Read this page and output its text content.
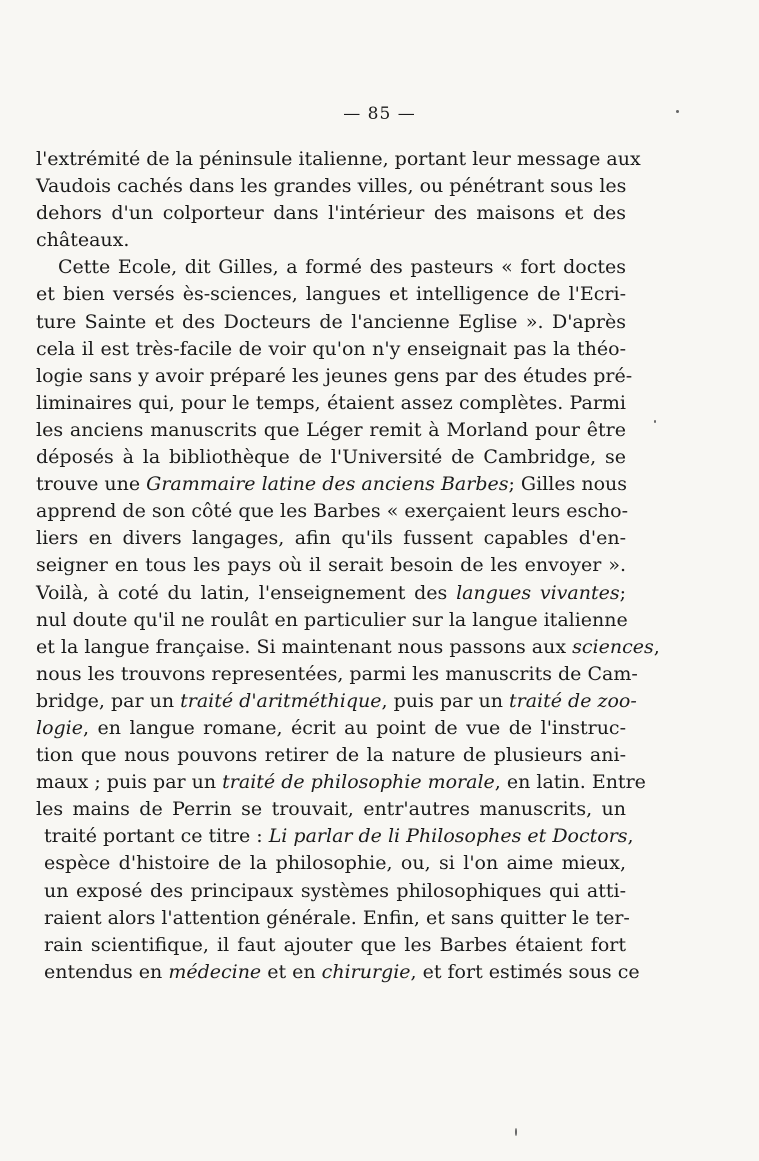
— 85 —
l'extrémité de la péninsule italienne, portant leur message aux
Vaudois cachés dans les grandes villes, ou pénétrant sous les
dehors d'un colporteur dans l'intérieur des maisons et des
châteaux.
Cette Ecole, dit Gilles, a formé des pasteurs « fort doctes
et bien versés ès-sciences, langues et intelligence de l'Ecri-
ture Sainte et des Docteurs de l'ancienne Eglise ». D'après
cela il est très-facile de voir qu'on n'y enseignait pas la théo-
logie sans y avoir préparé les jeunes gens par des études pré-
liminaires qui, pour le temps, étaient assez complètes. Parmi
les anciens manuscrits que Léger remit à Morland pour être
déposés à la bibliothèque de l'Université de Cambridge, se
trouve une Grammaire latine des anciens Barbes; Gilles nous
apprend de son côté que les Barbes « exerçaient leurs escho-
liers en divers langages, afin qu'ils fussent capables d'en-
seigner en tous les pays où il serait besoin de les envoyer ».
Voilà, à coté du latin, l'enseignement des langues vivantes;
nul doute qu'il ne roulât en particulier sur la langue italienne
et la langue française. Si maintenant nous passons aux sciences,
nous les trouvons representées, parmi les manuscrits de Cam-
bridge, par un traité d'aritméthique, puis par un traité de zoo-
logie, en langue romane, écrit au point de vue de l'instruc-
tion que nous pouvons retirer de la nature de plusieurs ani-
maux ; puis par un traité de philosophie morale, en latin. Entre
les mains de Perrin se trouvait, entr'autres manuscrits, un
traité portant ce titre : Li parlar de li Philosophes et Doctors,
espèce d'histoire de la philosophie, ou, si l'on aime mieux,
un exposé des principaux systèmes philosophiques qui atti-
raient alors l'attention générale. Enfin, et sans quitter le ter-
rain scientifique, il faut ajouter que les Barbes étaient fort
entendus en médecine et en chirurgie, et fort estimés sous ce
